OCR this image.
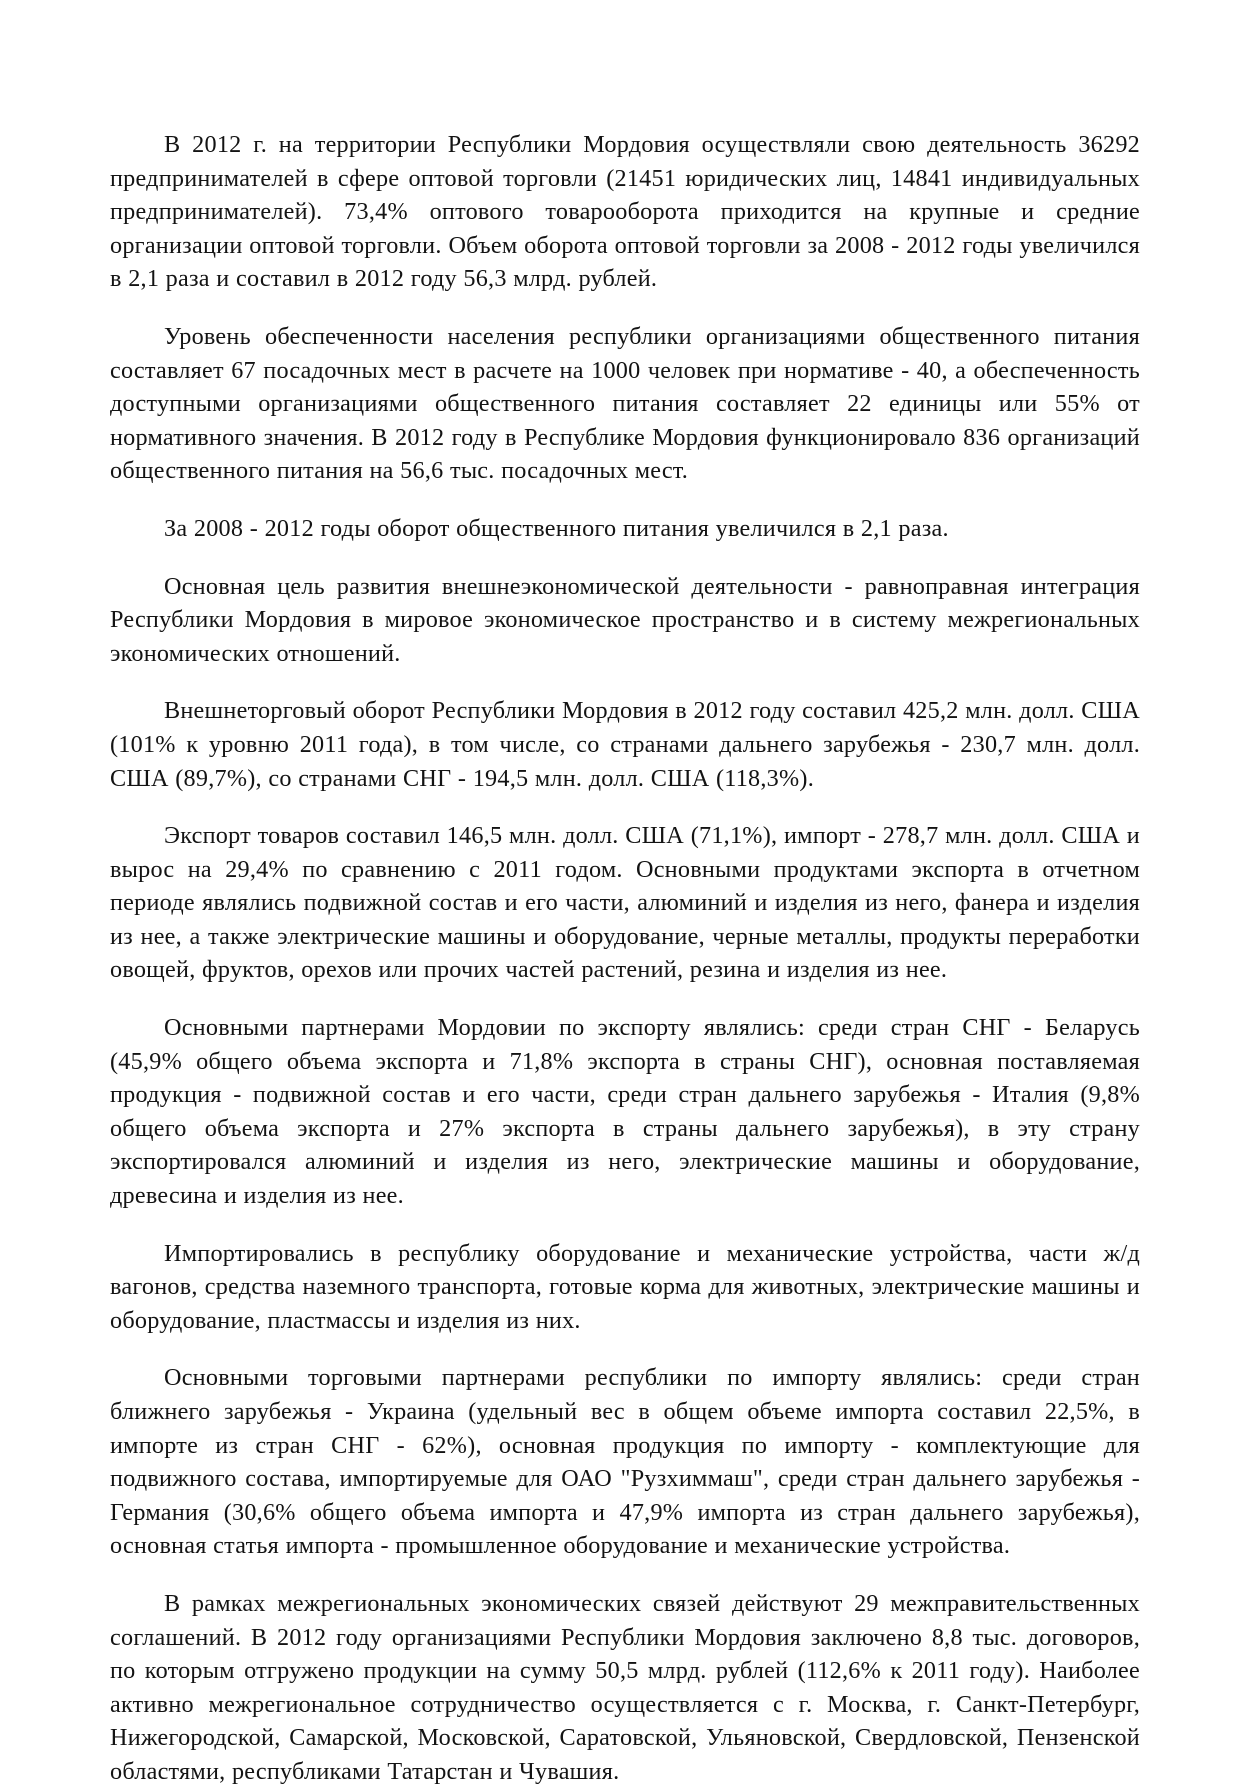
В 2012 г. на территории Республики Мордовия осуществляли свою деятельность 36292 предпринимателей в сфере оптовой торговли (21451 юридических лиц, 14841 индивидуальных предпринимателей). 73,4% оптового товарооборота приходится на крупные и средние организации оптовой торговли. Объем оборота оптовой торговли за 2008 - 2012 годы увеличился в 2,1 раза и составил в 2012 году 56,3 млрд. рублей.

Уровень обеспеченности населения республики организациями общественного питания составляет 67 посадочных мест в расчете на 1000 человек при нормативе - 40, а обеспеченность доступными организациями общественного питания составляет 22 единицы или 55% от нормативного значения. В 2012 году в Республике Мордовия функционировало 836 организаций общественного питания на 56,6 тыс. посадочных мест.

За 2008 - 2012 годы оборот общественного питания увеличился в 2,1 раза.

Основная цель развития внешнеэкономической деятельности - равноправная интеграция Республики Мордовия в мировое экономическое пространство и в систему межрегиональных экономических отношений.

Внешнеторговый оборот Республики Мордовия в 2012 году составил 425,2 млн. долл. США (101% к уровню 2011 года), в том числе, со странами дальнего зарубежья - 230,7 млн. долл. США (89,7%), со странами СНГ - 194,5 млн. долл. США (118,3%).

Экспорт товаров составил 146,5 млн. долл. США (71,1%), импорт - 278,7 млн. долл. США и вырос на 29,4% по сравнению с 2011 годом. Основными продуктами экспорта в отчетном периоде являлись подвижной состав и его части, алюминий и изделия из него, фанера и изделия из нее, а также электрические машины и оборудование, черные металлы, продукты переработки овощей, фруктов, орехов или прочих частей растений, резина и изделия из нее.

Основными партнерами Мордовии по экспорту являлись: среди стран СНГ - Беларусь (45,9% общего объема экспорта и 71,8% экспорта в страны СНГ), основная поставляемая продукция - подвижной состав и его части, среди стран дальнего зарубежья - Италия (9,8% общего объема экспорта и 27% экспорта в страны дальнего зарубежья), в эту страну экспортировался алюминий и изделия из него, электрические машины и оборудование, древесина и изделия из нее.

Импортировались в республику оборудование и механические устройства, части ж/д вагонов, средства наземного транспорта, готовые корма для животных, электрические машины и оборудование, пластмассы и изделия из них.

Основными торговыми партнерами республики по импорту являлись: среди стран ближнего зарубежья - Украина (удельный вес в общем объеме импорта составил 22,5%, в импорте из стран СНГ - 62%), основная продукция по импорту - комплектующие для подвижного состава, импортируемые для ОАО "Рузхиммаш", среди стран дальнего зарубежья - Германия (30,6% общего объема импорта и 47,9% импорта из стран дальнего зарубежья), основная статья импорта - промышленное оборудование и механические устройства.

В рамках межрегиональных экономических связей действуют 29 межправительственных соглашений. В 2012 году организациями Республики Мордовия заключено 8,8 тыс. договоров, по которым отгружено продукции на сумму 50,5 млрд. рублей (112,6% к 2011 году). Наиболее активно межрегиональное сотрудничество осуществляется с г. Москва, г. Санкт-Петербург, Нижегородской, Самарской, Московской, Саратовской, Ульяновской, Свердловской, Пензенской областями, республиками Татарстан и Чувашия.
